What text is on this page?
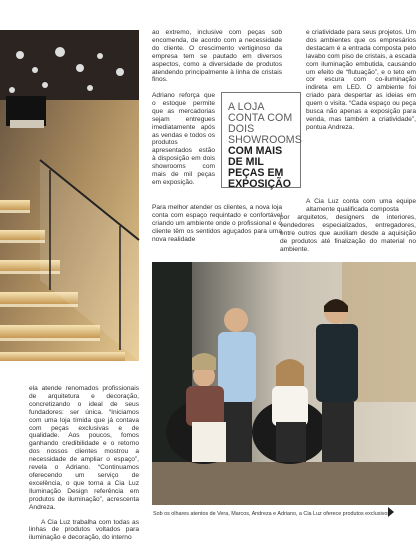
ao extremo, inclusive com peças sob encomenda, de acordo com a necessidade do cliente. O crescimento vertiginoso da empresa tem se pautado em diversos aspectos, como a diversidade de produtos atendendo principalmente à linha de cristais finos.

Adriano reforça que o estoque permite que as mercadorias sejam entregues imediatamente após as vendas e todos os produtos apresentados estão à disposição em dois showrooms com mais de mil peças em exposição.

A LOJA CONTA COM DOIS SHOWROOMS
COM MAIS DE MIL PEÇAS EM EXPOSIÇÃO

e criatividade para seus projetos. Um dos ambientes que os empresários destacam é a entrada composta pelo lavabo com piso de cristais, a escada com iluminação embutida, causando um efeito de “flutuação”, e o teto em cor escura com co-iluminação indireta em LED. O ambiente foi criado para despertar as ideias em quem o visita. “Cada espaço ou peça busca não apenas a exposição para venda, mas também a criatividade”, pontua Andreza.

Para melhor atender os clientes, a nova loja conta com espaço requintado e confortável criando um ambiente onde o profissional e o cliente têm os sentidos aguçados para uma nova realidade

A Cia Luz conta com uma equipe altamente qualificada composta

por arquitetos, designers de interiores, vendedores especializados, entregadores, entre outros que auxiliam desde a aquisição de produtos até finalização do material no ambiente.

ela atende renomados profissionais de arquitetura e decoração, concretizando o ideal de seus fundadores: ser única. “Iniciamos com uma loja tímida que já contava com peças exclusivas e de qualidade. Aos poucos, fomos ganhando credibilidade e o retorno dos nossos clientes mostrou a necessidade de ampliar o espaço”, revela o Adriano. “Continuamos oferecendo um serviço de excelência, o que torna a Cia Luz Iluminação Design referência em produtos de iluminação”, acrescenta Andreza.

A Cia Luz trabalha com todas as linhas de produtos voltados para iluminação e decoração, do interno

Sob os olhares atentos de Vera, Marcos, Andreza e Adriano, a Cia Luz oferece produtos exclusivos
